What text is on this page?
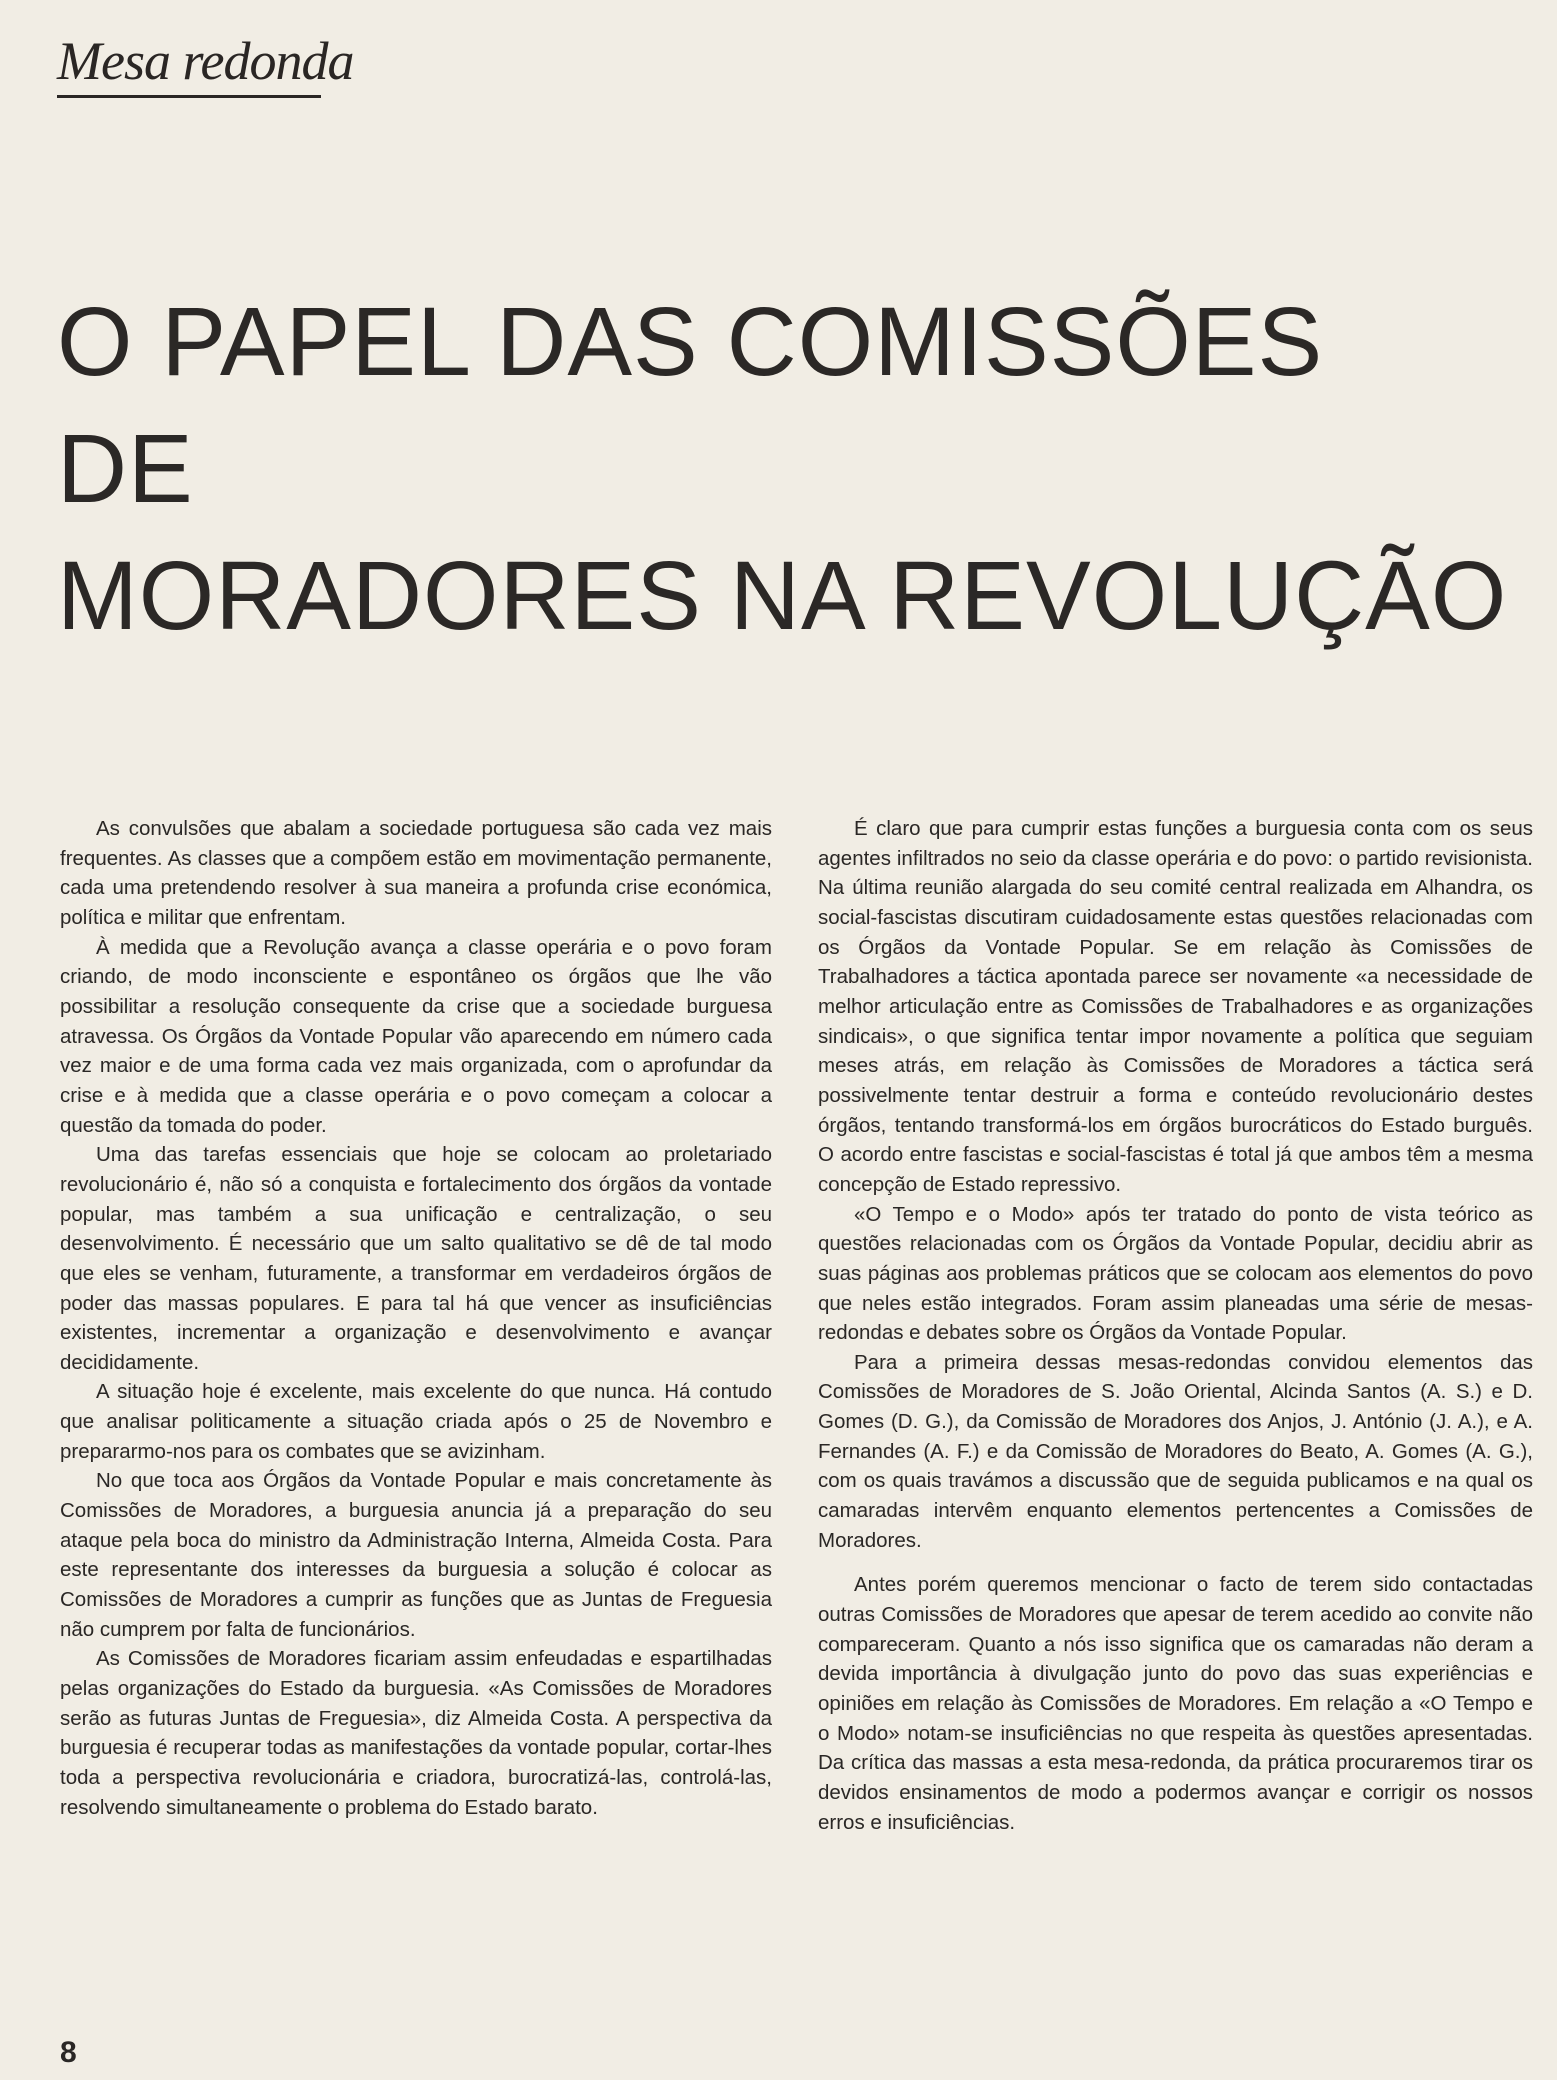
Mesa redonda
O PAPEL DAS COMISSÕES
DE
MORADORES NA REVOLUÇÃO

As convulsões que abalam a sociedade portuguesa são cada vez mais frequentes. As classes que a compõem estão em movimentação permanente, cada uma pretendendo resolver à sua maneira a profunda crise económica, política e militar que enfrentam.

À medida que a Revolução avança a classe operária e o povo foram criando, de modo inconsciente e espontâneo os órgãos que lhe vão possibilitar a resolução consequente da crise que a sociedade burguesa atravessa. Os Órgãos da Vontade Popular vão aparecendo em número cada vez maior e de uma forma cada vez mais organizada, com o aprofundar da crise e à medida que a classe operária e o povo começam a colocar a questão da tomada do poder.

Uma das tarefas essenciais que hoje se colocam ao proletariado revolucionário é, não só a conquista e fortalecimento dos órgãos da vontade popular, mas também a sua unificação e centralização, o seu desenvolvimento. É necessário que um salto qualitativo se dê de tal modo que eles se venham, futuramente, a transformar em verdadeiros órgãos de poder das massas populares. E para tal há que vencer as insuficiências existentes, incrementar a organização e desenvolvimento e avançar decididamente.

A situação hoje é excelente, mais excelente do que nunca. Há contudo que analisar politicamente a situação criada após o 25 de Novembro e prepararmo-nos para os combates que se avizinham.

No que toca aos Órgãos da Vontade Popular e mais concretamente às Comissões de Moradores, a burguesia anuncia já a preparação do seu ataque pela boca do ministro da Administração Interna, Almeida Costa. Para este representante dos interesses da burguesia a solução é colocar as Comissões de Moradores a cumprir as funções que as Juntas de Freguesia não cumprem por falta de funcionários.

As Comissões de Moradores ficariam assim enfeudadas e espartilhadas pelas organizações do Estado da burguesia. «As Comissões de Moradores serão as futuras Juntas de Freguesia», diz Almeida Costa. A perspectiva da burguesia é recuperar todas as manifestações da vontade popular, cortar-lhes toda a perspectiva revolucionária e criadora, burocratizá-las, controlá-las, resolvendo simultaneamente o problema do Estado barato.

É claro que para cumprir estas funções a burguesia conta com os seus agentes infiltrados no seio da classe operária e do povo: o partido revisionista. Na última reunião alargada do seu comité central realizada em Alhandra, os social-fascistas discutiram cuidadosamente estas questões relacionadas com os Órgãos da Vontade Popular. Se em relação às Comissões de Trabalhadores a táctica apontada parece ser novamente «a necessidade de melhor articulação entre as Comissões de Trabalhadores e as organizações sindicais», o que significa tentar impor novamente a política que seguiam meses atrás, em relação às Comissões de Moradores a táctica será possivelmente tentar destruir a forma e conteúdo revolucionário destes órgãos, tentando transformá-los em órgãos burocráticos do Estado burguês. O acordo entre fascistas e social-fascistas é total já que ambos têm a mesma concepção de Estado repressivo.

«O Tempo e o Modo» após ter tratado do ponto de vista teórico as questões relacionadas com os Órgãos da Vontade Popular, decidiu abrir as suas páginas aos problemas práticos que se colocam aos elementos do povo que neles estão integrados. Foram assim planeadas uma série de mesas-redondas e debates sobre os Órgãos da Vontade Popular.

Para a primeira dessas mesas-redondas convidou elementos das Comissões de Moradores de S. João Oriental, Alcinda Santos (A. S.) e D. Gomes (D. G.), da Comissão de Moradores dos Anjos, J. António (J. A.), e A. Fernandes (A. F.) e da Comissão de Moradores do Beato, A. Gomes (A. G.), com os quais travámos a discussão que de seguida publicamos e na qual os camaradas intervêm enquanto elementos pertencentes a Comissões de Moradores.

Antes porém queremos mencionar o facto de terem sido contactadas outras Comissões de Moradores que apesar de terem acedido ao convite não compareceram. Quanto a nós isso significa que os camaradas não deram a devida importância à divulgação junto do povo das suas experiências e opiniões em relação às Comissões de Moradores. Em relação a «O Tempo e o Modo» notam-se insuficiências no que respeita às questões apresentadas. Da crítica das massas a esta mesa-redonda, da prática procuraremos tirar os devidos ensinamentos de modo a podermos avançar e corrigir os nossos erros e insuficiências.

8
